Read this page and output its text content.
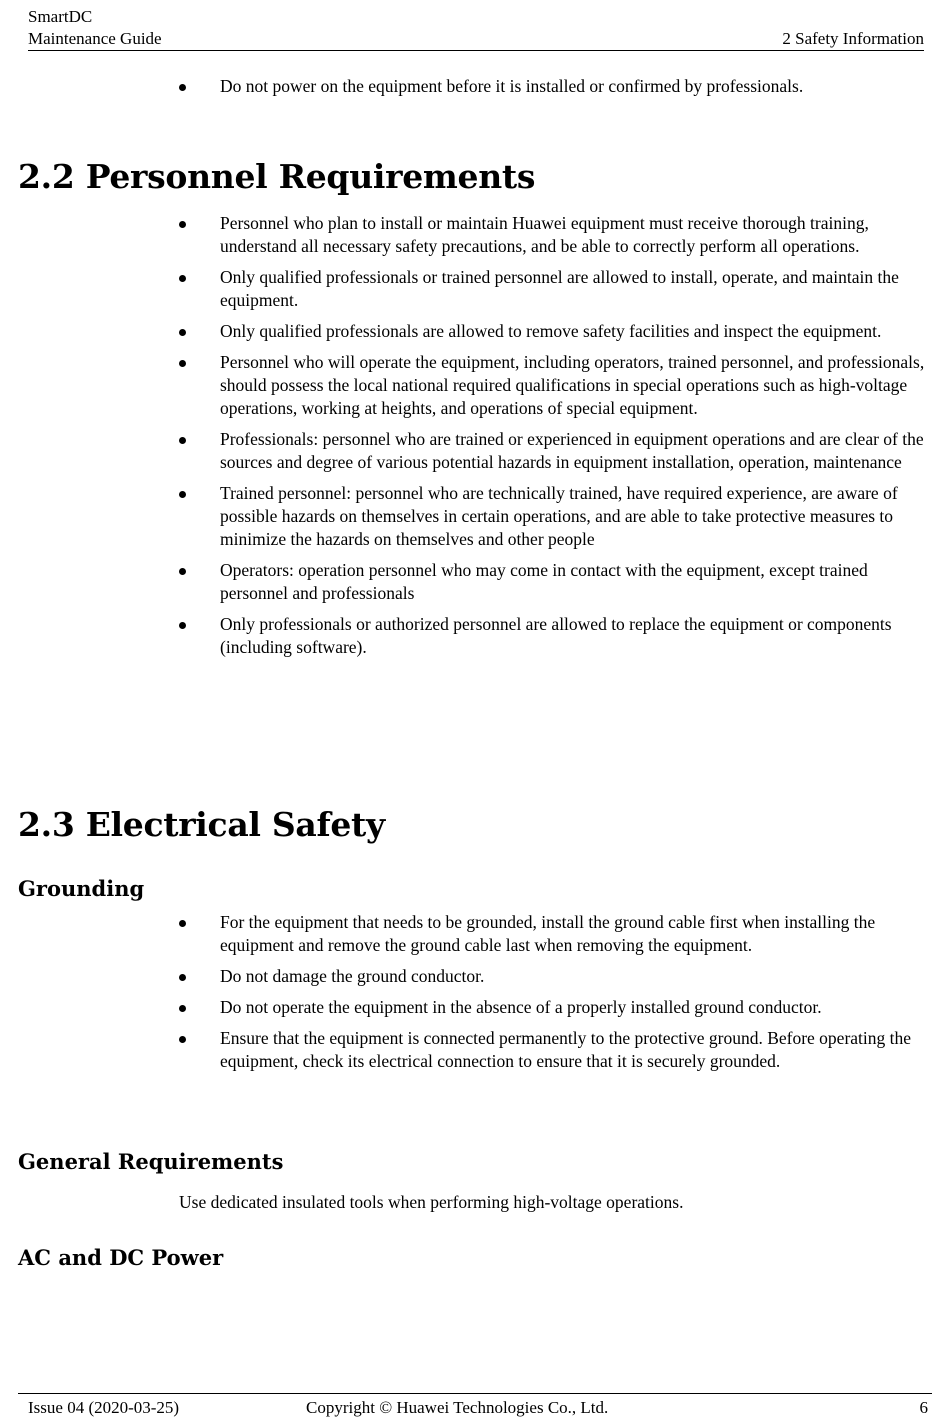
SmartDC
Maintenance Guide	2 Safety Information
Do not power on the equipment before it is installed or confirmed by professionals.
2.2 Personnel Requirements
Personnel who plan to install or maintain Huawei equipment must receive thorough training, understand all necessary safety precautions, and be able to correctly perform all operations.
Only qualified professionals or trained personnel are allowed to install, operate, and maintain the equipment.
Only qualified professionals are allowed to remove safety facilities and inspect the equipment.
Personnel who will operate the equipment, including operators, trained personnel, and professionals, should possess the local national required qualifications in special operations such as high-voltage operations, working at heights, and operations of special equipment.
Professionals: personnel who are trained or experienced in equipment operations and are clear of the sources and degree of various potential hazards in equipment installation, operation, maintenance
Trained personnel: personnel who are technically trained, have required experience, are aware of possible hazards on themselves in certain operations, and are able to take protective measures to minimize the hazards on themselves and other people
Operators: operation personnel who may come in contact with the equipment, except trained personnel and professionals
Only professionals or authorized personnel are allowed to replace the equipment or components (including software).
2.3 Electrical Safety
Grounding
For the equipment that needs to be grounded, install the ground cable first when installing the equipment and remove the ground cable last when removing the equipment.
Do not damage the ground conductor.
Do not operate the equipment in the absence of a properly installed ground conductor.
Ensure that the equipment is connected permanently to the protective ground. Before operating the equipment, check its electrical connection to ensure that it is securely grounded.
General Requirements
Use dedicated insulated tools when performing high-voltage operations.
AC and DC Power
Issue 04 (2020-03-25)	Copyright © Huawei Technologies Co., Ltd.	6
